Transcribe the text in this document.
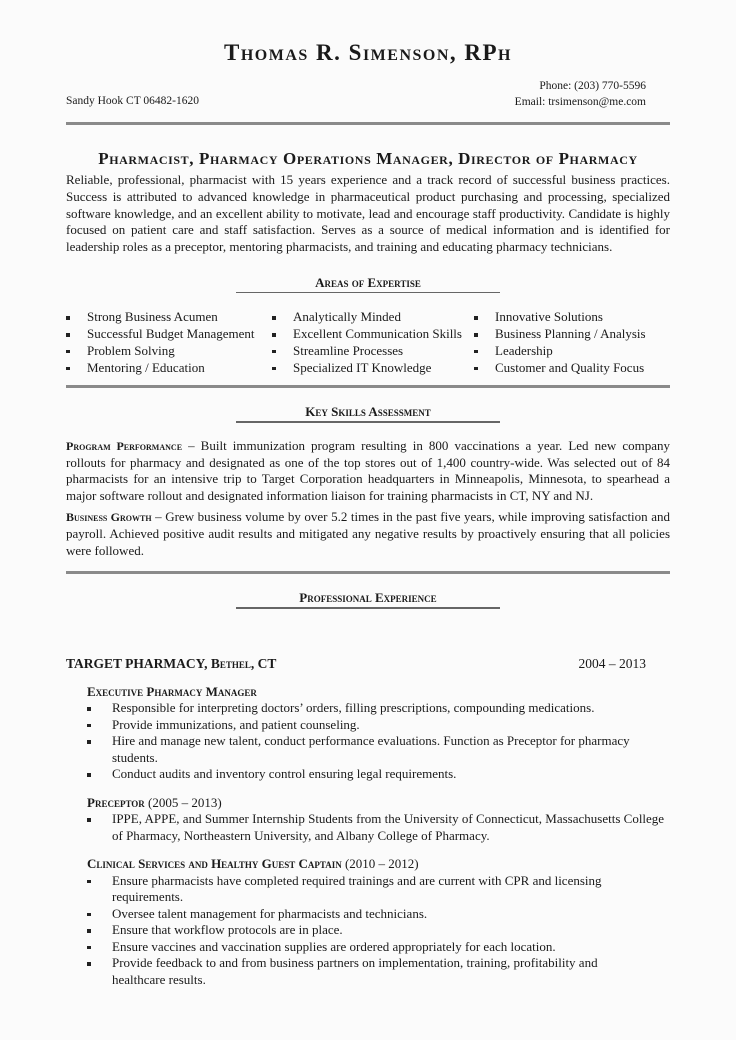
Thomas R. Simenson, RPh
Sandy Hook CT 06482-1620
Phone: (203) 770-5596
Email: trsimenson@me.com
Pharmacist, Pharmacy Operations Manager, Director of Pharmacy
Reliable, professional, pharmacist with 15 years experience and a track record of successful business practices. Success is attributed to advanced knowledge in pharmaceutical product purchasing and processing, specialized software knowledge, and an excellent ability to motivate, lead and encourage staff productivity. Candidate is highly focused on patient care and staff satisfaction. Serves as a source of medical information and is identified for leadership roles as a preceptor, mentoring pharmacists, and training and educating pharmacy technicians.
Areas of Expertise
Strong Business Acumen
Successful Budget Management
Problem Solving
Mentoring / Education
Analytically Minded
Excellent Communication Skills
Streamline Processes
Specialized IT Knowledge
Innovative Solutions
Business Planning / Analysis
Leadership
Customer and Quality Focus
Key Skills Assessment
Program Performance – Built immunization program resulting in 800 vaccinations a year. Led new company rollouts for pharmacy and designated as one of the top stores out of 1,400 country-wide. Was selected out of 84 pharmacists for an intensive trip to Target Corporation headquarters in Minneapolis, Minnesota, to spearhead a major software rollout and designated information liaison for training pharmacists in CT, NY and NJ.
Business Growth – Grew business volume by over 5.2 times in the past five years, while improving satisfaction and payroll. Achieved positive audit results and mitigated any negative results by proactively ensuring that all policies were followed.
Professional Experience
TARGET PHARMACY, Bethel, CT	2004 – 2013
Executive Pharmacy Manager
Responsible for interpreting doctors’ orders, filling prescriptions, compounding medications.
Provide immunizations, and patient counseling.
Hire and manage new talent, conduct performance evaluations. Function as Preceptor for pharmacy students.
Conduct audits and inventory control ensuring legal requirements.
Preceptor (2005 – 2013)
IPPE, APPE, and Summer Internship Students from the University of Connecticut, Massachusetts College of Pharmacy, Northeastern University, and Albany College of Pharmacy.
Clinical Services and Healthy Guest Captain (2010 – 2012)
Ensure pharmacists have completed required trainings and are current with CPR and licensing requirements.
Oversee talent management for pharmacists and technicians.
Ensure that workflow protocols are in place.
Ensure vaccines and vaccination supplies are ordered appropriately for each location.
Provide feedback to and from business partners on implementation, training, profitability and healthcare results.
